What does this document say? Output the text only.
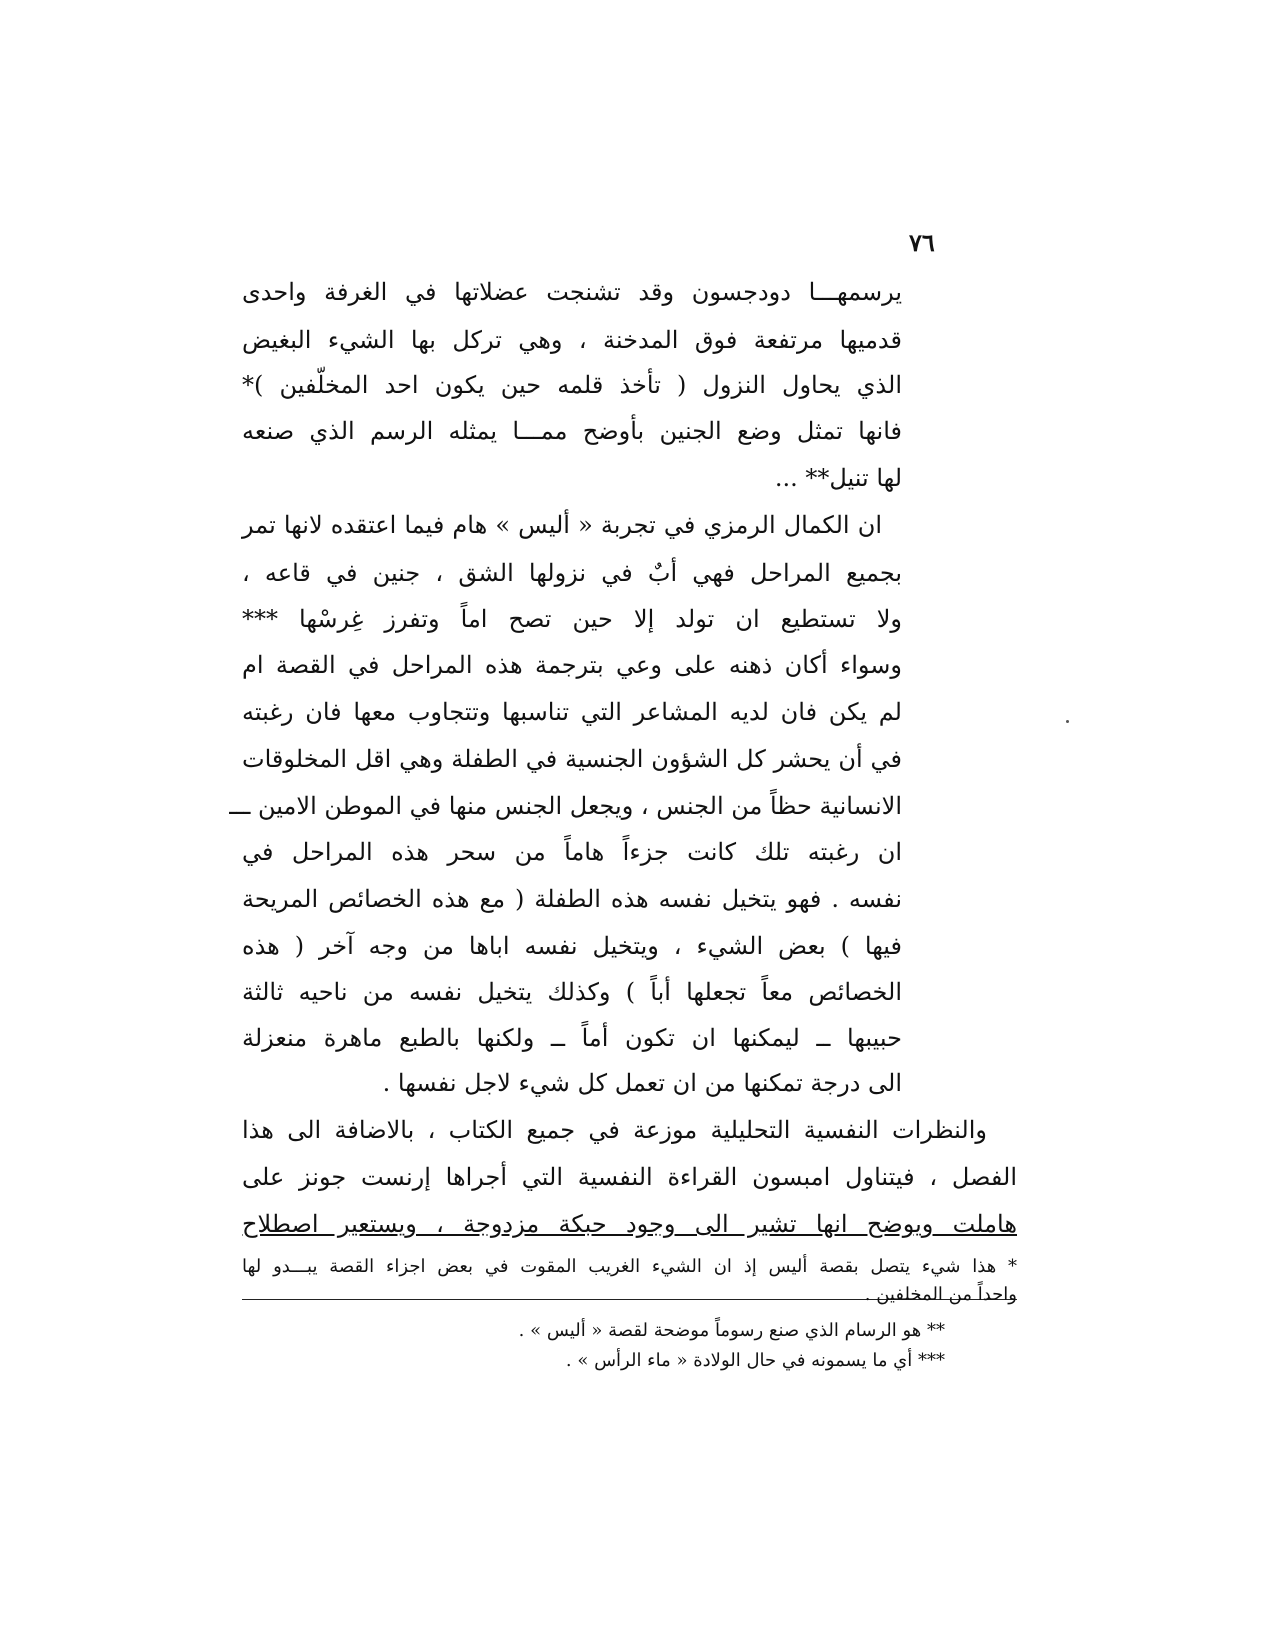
٧٦
يرسمهـــا دودجسون وقد تشنجت عضلاتها في الغرفة واحدى
قدميها مرتفعة فوق المدخنة ، وهي تركل بها الشيء البغيض
الذي يحاول النزول ( تأخذ قلمه حين يكون احد المخلّفين )*
فانها تمثل وضع الجنين بأوضح ممـــا يمثله الرسم الذي صنعه
لها تنيل** ...
ان الكمال الرمزي في تجربة « أليس » هام فيما اعتقده لانها تمر
بجميع المراحل فهي أبٌ في نزولها الشق ، جنين في قاعه ،
ولا تستطيع ان تولد إلا حين تصح اماً وتفرز غِرسْها ***
وسواء أكان ذهنه على وعي بترجمة هذه المراحل في القصة ام
لم يكن فان لديه المشاعر التي تناسبها وتتجاوب معها فان رغبته
في أن يحشر كل الشؤون الجنسية في الطفلة وهي اقل المخلوقات
الانسانية حظاً من الجنس ، ويجعل الجنس منها في الموطن الامين ـــ
ان رغبته تلك كانت جزءاً هاماً من سحر هذه المراحل في
نفسه . فهو يتخيل نفسه هذه الطفلة ( مع هذه الخصائص المريحة
فيها ) بعض الشيء ، ويتخيل نفسه اباها من وجه آخر ( هذه
الخصائص معاً تجعلها أباً ) وكذلك يتخيل نفسه من ناحيه ثالثة
حبيبها ــ ليمكنها ان تكون أماً ــ ولكنها بالطبع ماهرة منعزلة
الى درجة تمكنها من ان تعمل كل شيء لاجل نفسها .
والنظرات النفسية التحليلية موزعة في جميع الكتاب ، بالاضافة الى هذا
الفصل ، فيتناول امبسون القراءة النفسية التي أجراها إرنست جونز على
هاملت ويوضح انها تشير الى وجود حبكة مزدوجة ، ويستعير اصطلاح
* هذا شيء يتصل بقصة أليس إذ ان الشيء الغريب المقوت في بعض اجزاء القصة يبـــدو لها
واحداً من المخلفين .
** هو الرسام الذي صنع رسوماً موضحة لقصة « أليس » .
*** أي ما يسمونه في حال الولادة « ماء الرأس » .
